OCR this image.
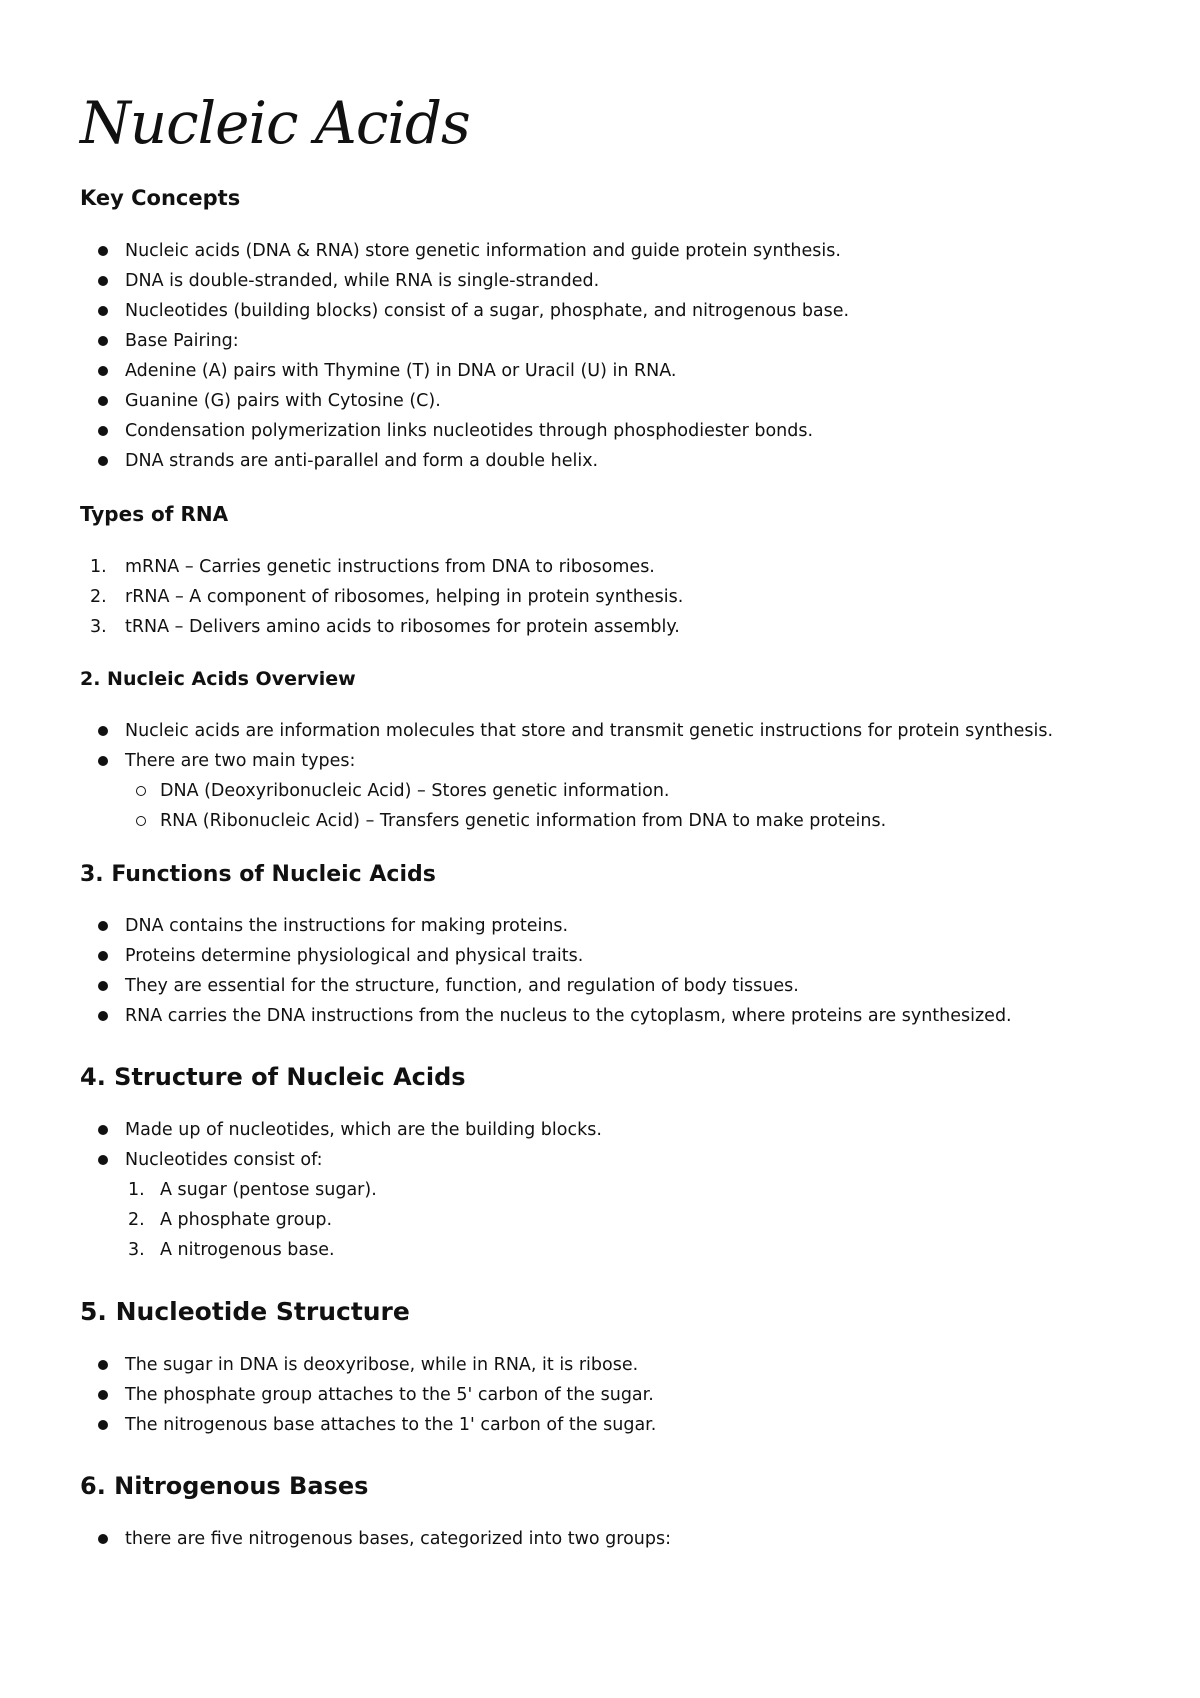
Nucleic Acids
Key Concepts
Nucleic acids (DNA & RNA) store genetic information and guide protein synthesis.
DNA is double-stranded, while RNA is single-stranded.
Nucleotides (building blocks) consist of a sugar, phosphate, and nitrogenous base.
Base Pairing:
Adenine (A) pairs with Thymine (T) in DNA or Uracil (U) in RNA.
Guanine (G) pairs with Cytosine (C).
Condensation polymerization links nucleotides through phosphodiester bonds.
DNA strands are anti-parallel and form a double helix.
Types of RNA
1.	mRNA – Carries genetic instructions from DNA to ribosomes.
2.	rRNA – A component of ribosomes, helping in protein synthesis.
3.	tRNA – Delivers amino acids to ribosomes for protein assembly.
2. Nucleic Acids Overview
Nucleic acids are information molecules that store and transmit genetic instructions for protein synthesis.
There are two main types:
DNA (Deoxyribonucleic Acid) – Stores genetic information.
RNA (Ribonucleic Acid) – Transfers genetic information from DNA to make proteins.
3. Functions of Nucleic Acids
DNA contains the instructions for making proteins.
Proteins determine physiological and physical traits.
They are essential for the structure, function, and regulation of body tissues.
RNA carries the DNA instructions from the nucleus to the cytoplasm, where proteins are synthesized.
4. Structure of Nucleic Acids
Made up of nucleotides, which are the building blocks.
Nucleotides consist of:
1. A sugar (pentose sugar).
2. A phosphate group.
3. A nitrogenous base.
5. Nucleotide Structure
The sugar in DNA is deoxyribose, while in RNA, it is ribose.
The phosphate group attaches to the 5' carbon of the sugar.
The nitrogenous base attaches to the 1' carbon of the sugar.
6. Nitrogenous Bases
there are five nitrogenous bases, categorized into two groups:
